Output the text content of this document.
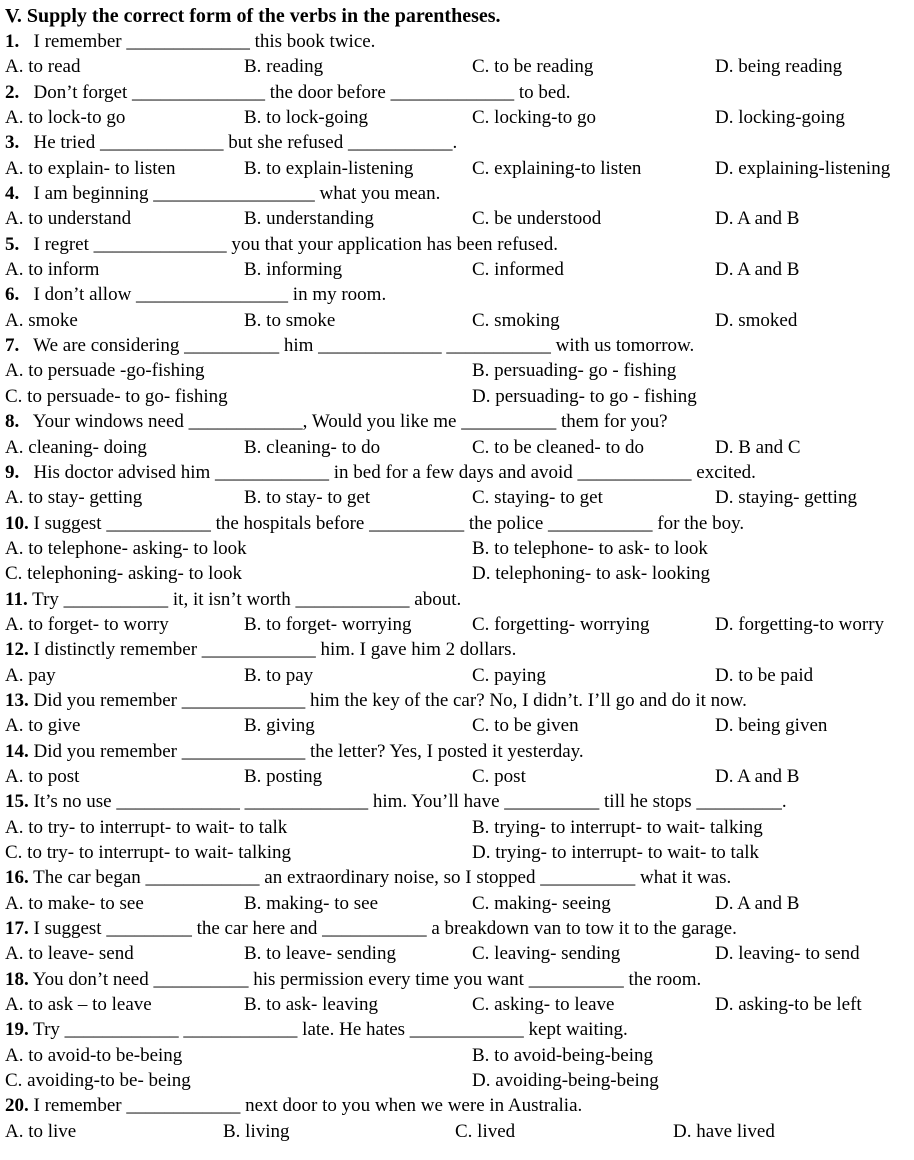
V. Supply the correct form of the verbs in the parentheses.
1. I remember _____________ this book twice.
A. to read	B. reading	C. to be reading	D. being reading
2. Don’t forget ______________ the door before _____________ to bed.
A. to lock-to go	B. to lock-going	C. locking-to go	D. locking-going
3. He tried _____________ but she refused ___________.
A. to explain- to listen	B. to explain-listening	C. explaining-to listen	D. explaining-listening
4. I am beginning _________________ what you mean.
A. to understand	B. understanding	C. be understood	D. A and B
5. I regret ______________ you that your application has been refused.
A. to inform	B. informing	C. informed	D. A and B
6. I don’t allow ________________ in my room.
A. smoke	B. to smoke	C. smoking	D. smoked
7. We are considering __________ him _____________ ___________ with us tomorrow.
A. to persuade -go-fishing	B. persuading- go - fishing
C. to persuade- to go- fishing	D. persuading- to go - fishing
8. Your windows need ____________, Would you like me __________ them for you?
A. cleaning- doing	B. cleaning- to do	C. to be cleaned- to do	D. B and C
9. His doctor advised him ____________ in bed for a few days and avoid ____________ excited.
A. to stay- getting	B. to stay- to get	C. staying- to get	D. staying- getting
10. I suggest ___________ the hospitals before __________ the police ___________ for the boy.
A. to telephone- asking- to look	B. to telephone- to ask- to look
C. telephoning- asking- to look	D. telephoning- to ask- looking
11. Try ___________ it, it isn’t worth ____________ about.
A. to forget- to worry	B. to forget- worrying	C. forgetting- worrying	D. forgetting-to worry
12. I distinctly remember ____________ him. I gave him 2 dollars.
A. pay	B. to pay	C. paying	D. to be paid
13. Did you remember _____________ him the key of the car? No, I didn’t. I’ll go and do it now.
A. to give	B. giving	C. to be given	D. being given
14. Did you remember _____________ the letter? Yes, I posted it yesterday.
A. to post	B. posting	C. post	D. A and B
15. It’s no use _____________ _____________ him. You’ll have __________ till he stops _________.
A. to try- to interrupt- to wait- to talk	B. trying- to interrupt- to wait- talking
C. to try- to interrupt- to wait- talking	D. trying- to interrupt- to wait- to talk
16. The car began ____________ an extraordinary noise, so I stopped __________ what it was.
A. to make- to see	B. making- to see	C. making- seeing	D. A and B
17. I suggest _________ the car here and ___________ a breakdown van to tow it to the garage.
A. to leave- send	B. to leave- sending	C. leaving- sending	D. leaving- to send
18. You don’t need __________ his permission every time you want __________ the room.
A. to ask – to leave	B. to ask- leaving	C. asking- to leave	D. asking-to be left
19. Try ____________ ____________ late. He hates ____________ kept waiting.
A. to avoid-to be-being	B. to avoid-being-being
C. avoiding-to be- being	D. avoiding-being-being
20. I remember ____________ next door to you when we were in Australia.
A. to live	B. living	C. lived	D. have lived
